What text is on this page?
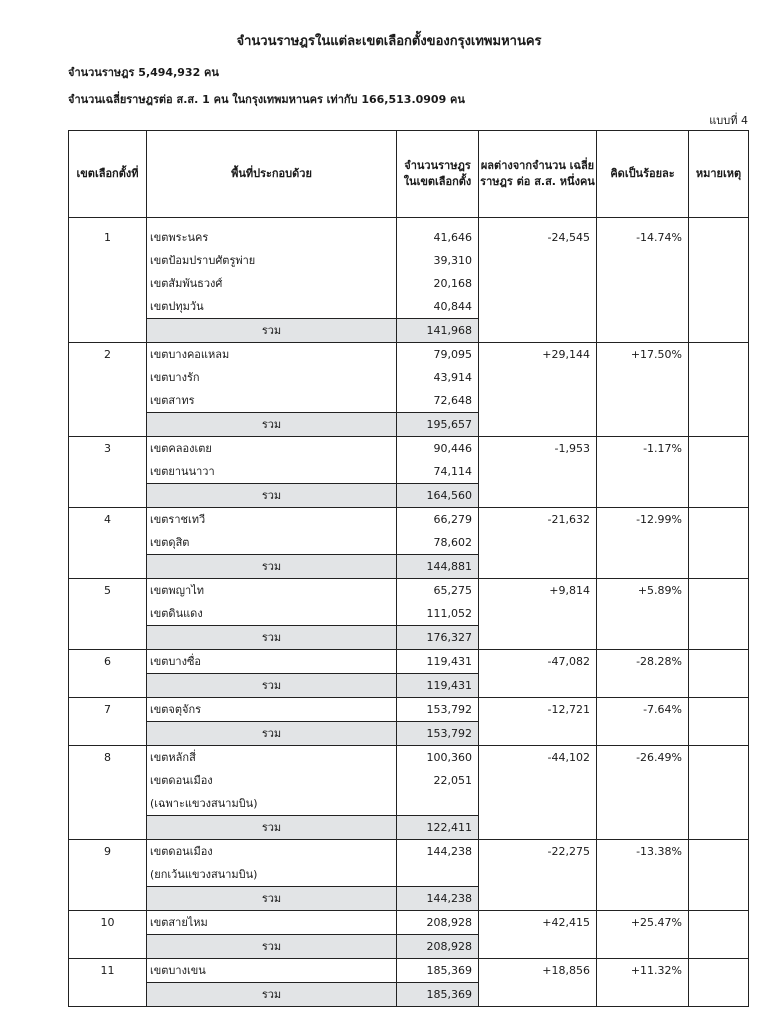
จำนวนราษฎรในแต่ละเขตเลือกตั้งของกรุงเทพมหานคร
จำนวนราษฎร 5,494,932 คน
จำนวนเฉลี่ยราษฎรต่อ ส.ส. 1 คน ในกรุงเทพมหานคร เท่ากับ 166,513.0909 คน
แบบที่ 4
เขตเลือกตั้งที่	พื้นที่ประกอบด้วย	จำนวนราษฎร ในเขตเลือกตั้ง	ผลต่างจากจำนวน เฉลี่ยราษฎร ต่อ ส.ส. หนึ่งคน	คิดเป็นร้อยละ	หมายเหตุ

1	เขตพระนคร	41,646	-24,545	-14.74%	
	เขตป้อมปราบศัตรูพ่าย	39,310			
	เขตสัมพันธวงศ์	20,168			
	เขตปทุมวัน	40,844			
	รวม	141,968			
2	เขตบางคอแหลม	79,095	+29,144	+17.50%	
	เขตบางรัก	43,914			
	เขตสาทร	72,648			
	รวม	195,657			
3	เขตคลองเตย	90,446	-1,953	-1.17%	
	เขตยานนาวา	74,114			
	รวม	164,560			
4	เขตราชเทวี	66,279	-21,632	-12.99%	
	เขตดุสิต	78,602			
	รวม	144,881			
5	เขตพญาไท	65,275	+9,814	+5.89%	
	เขตดินแดง	111,052			
	รวม	176,327			
6	เขตบางซื่อ	119,431	-47,082	-28.28%	
	รวม	119,431			
7	เขตจตุจักร	153,792	-12,721	-7.64%	
	รวม	153,792			
8	เขตหลักสี่	100,360	-44,102	-26.49%	
	เขตดอนเมือง	22,051			
	(เฉพาะแขวงสนามบิน)				
	รวม	122,411			
9	เขตดอนเมือง	144,238	-22,275	-13.38%	
	(ยกเว้นแขวงสนามบิน)				
	รวม	144,238			
10	เขตสายไหม	208,928	+42,415	+25.47%	
	รวม	208,928			
11	เขตบางเขน	185,369	+18,856	+11.32%	
	รวม	185,369			
